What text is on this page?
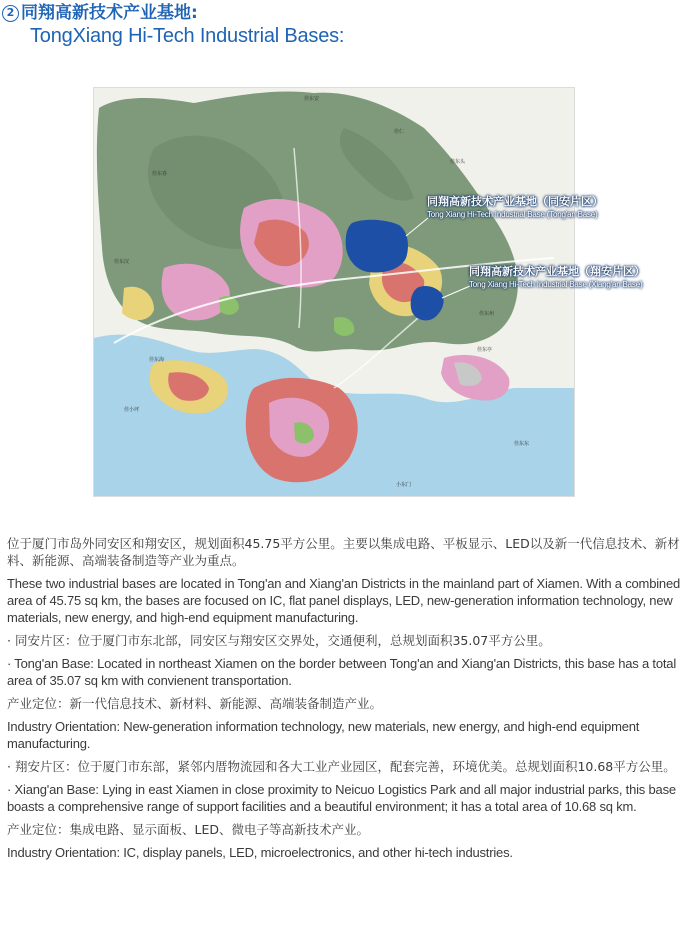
2 同翔高新技术产业基地:
TongXiang Hi-Tech Industrial Bases:
佳东安
佳仁
佳东春
佳东头
佳东汉
佳东亭
佳东州
佳小坪
佳东海
小东门
佳东东
同翔高新技术产业基地（同安片区）
Tong Xiang Hi-Tech Industrial Base (Tong'an Base)
同翔高新技术产业基地（翔安片区）
Tong Xiang Hi-Tech Industrial Base (Xiang'an Base)

位于厦门市岛外同安区和翔安区，规划面积45.75平方公里。主要以集成电路、平板显示、LED以及新一代信息技术、新材料、新能源、高端装备制造等产业为重点。

These two industrial bases are located in Tong'an and Xiang'an Districts in the mainland part of Xiamen. With a combined area of 45.75 sq km, the bases are focused on IC, flat panel displays, LED, new-generation information technology, new materials, new energy, and high-end equipment manufacturing.

· 同安片区：位于厦门市东北部，同安区与翔安区交界处，交通便利，总规划面积35.07平方公里。

· Tong'an Base: Located in northeast Xiamen on the border between Tong'an and Xiang'an Districts, this base has a total area of 35.07 sq km with convienent transportation.

产业定位：新一代信息技术、新材料、新能源、高端装备制造产业。

Industry Orientation: New-generation information technology, new materials, new energy, and high-end equipment manufacturing.

· 翔安片区：位于厦门市东部，紧邻内厝物流园和各大工业产业园区，配套完善，环境优美。总规划面积10.68平方公里。

· Xiang'an Base: Lying in east Xiamen in close proximity to Neicuo Logistics Park and all major industrial parks, this base boasts a comprehensive range of support facilities and a beautiful environment; it has a total area of 10.68 sq km.

产业定位：集成电路、显示面板、LED、微电子等高新技术产业。

Industry Orientation: IC, display panels, LED, microelectronics, and other hi-tech industries.
